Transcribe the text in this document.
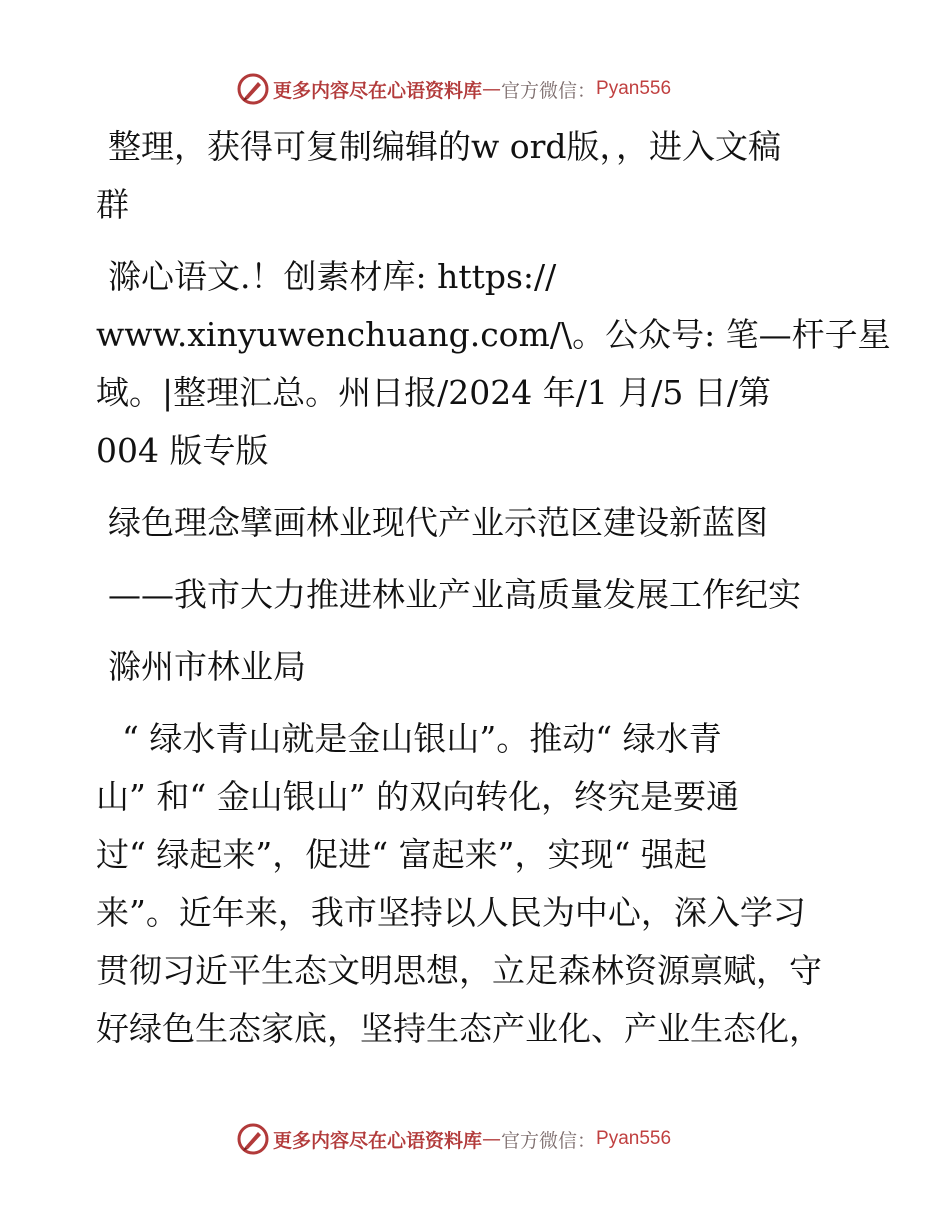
更多内容尽在心语资料库 — 官方微信： Pyan556
整理，获得可复制编辑的w ord版，，进入文稿
群
滁心语文.！创素材库: https://
www.xinyuwenchuang.com/\。公众号: 笔—杆子星
域。|整理汇总。州日报/2024 年/1 月/5 日/第
004 版专版
绿色理念擘画林业现代产业示范区建设新蓝图
——我市大力推进林业产业高质量发展工作纪实
滁州市林业局
“ 绿水青山就是金山银山”。推动“ 绿水青
山” 和“ 金山银山” 的双向转化，终究是要通
过“ 绿起来”，促进“ 富起来”，实现“ 强起
来”。近年来，我市坚持以人民为中心，深入学习
贯彻习近平生态文明思想，立足森林资源禀赋，守
好绿色生态家底，坚持生态产业化、产业生态化，
更多内容尽在心语资料库 — 官方微信： Pyan556
